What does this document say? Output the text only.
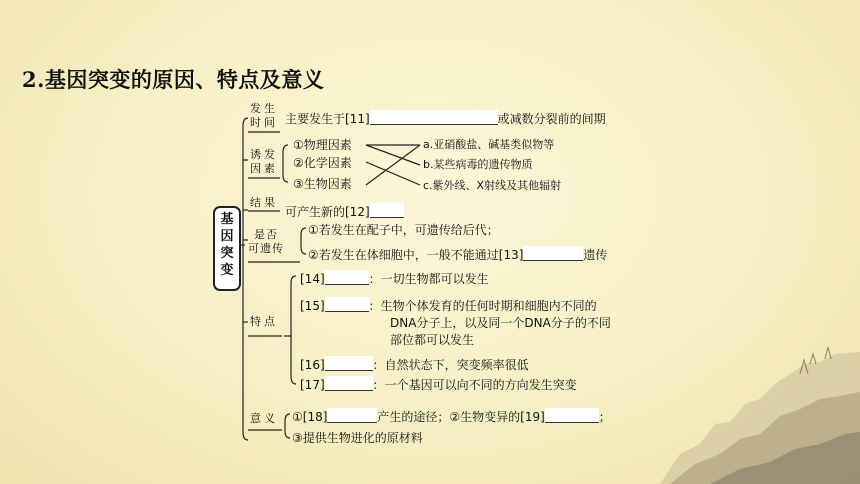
2.基因突变的原因、特点及意义
基因突变
发生
时间 主要发生于[11]	或减数分裂前的间期
诱发
因素
①物理因素
②化学因素
③生物因素
a.亚硝酸盐、碱基类似物等
b.某些病毒的遗传物质
c.紫外线、X射线及其他辐射
结果
可产生新的[12]
是否
可遗传
①若发生在配子中，可遗传给后代；
②若发生在体细胞中，一般不能通过[13]	遗传
特点
[14]	：一切生物都可以发生
[15]	：生物个体发育的任何时期和细胞内不同的
DNA分子上，以及同一个DNA分子的不同
部位都可以发生
[16]	：自然状态下，突变频率很低
[17]	：一个基因可以向不同的方向发生突变
意义 ①[18]	产生的途径；②生物变异的[19]	；
③提供生物进化的原材料
